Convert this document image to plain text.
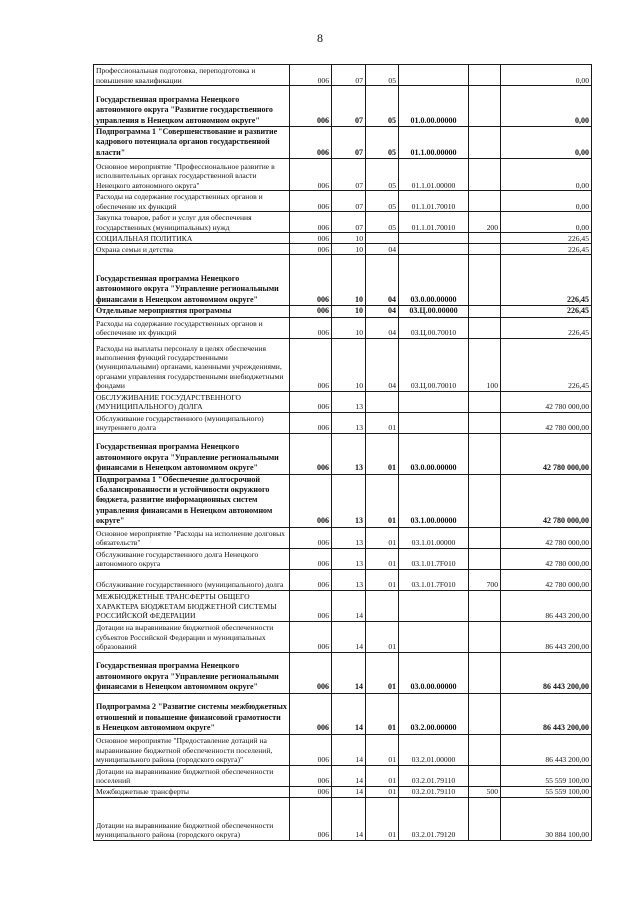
8
Профессиональная подготовка, переподготовка и повышение квалификации	006	07	05			0,00
Государственная программа Ненецкого автономного округа "Развитие государственного управления в Ненецком автономном округе"	006	07	05	01.0.00.00000		0,00
Подпрограмма 1 "Совершенствование и развитие кадрового потенциала органов государственной власти"	006	07	05	01.1.00.00000		0,00
Основное мероприятие "Профессиональное развитие в исполнительных органах государственной власти Ненецкого автономного округа"	006	07	05	01.1.01.00000		0,00
Расходы на содержание государственных органов и обеспечение их функций	006	07	05	01.1.01.70010		0,00
Закупка товаров, работ и услуг для обеспечения государственных (муниципальных) нужд	006	07	05	01.1.01.70010	200	0,00
СОЦИАЛЬНАЯ ПОЛИТИКА	006	10				226,45
Охрана семьи и детства	006	10	04			226,45
Государственная программа Ненецкого автономного округа "Управление региональными финансами в Ненецком автономном округе"	006	10	04	03.0.00.00000		226,45
Отдельные мероприятия программы	006	10	04	03.Ц.00.00000		226,45
Расходы на содержание государственных органов и обеспечение их функций	006	10	04	03.Ц.00.70010		226,45
Расходы на выплаты персоналу в целях обеспечения выполнения функций государственными (муниципальными) органами, казенными учреждениями, органами управления государственными внебюджетными фондами	006	10	04	03.Ц.00.70010	100	226,45
ОБСЛУЖИВАНИЕ ГОСУДАРСТВЕННОГО (МУНИЦИПАЛЬНОГО) ДОЛГА	006	13				42 780 000,00
Обслуживание государственного (муниципального) внутреннего долга	006	13	01			42 780 000,00
Государственная программа Ненецкого автономного округа "Управление региональными финансами в Ненецком автономном округе"	006	13	01	03.0.00.00000		42 780 000,00
Подпрограмма 1 "Обеспечение долгосрочной сбалансированности и устойчивости окружного бюджета, развитие информационных систем управления финансами в Ненецком автономном округе"	006	13	01	03.1.00.00000		42 780 000,00
Основное мероприятие "Расходы на исполнение долговых обязательств"	006	13	01	03.1.01.00000		42 780 000,00
Обслуживание государственного долга Ненецкого автономного округа	006	13	01	03.1.01.7F010		42 780 000,00
Обслуживание государственного (муниципального) долга	006	13	01	03.1.01.7F010	700	42 780 000,00
МЕЖБЮДЖЕТНЫЕ ТРАНСФЕРТЫ ОБЩЕГО ХАРАКТЕРА БЮДЖЕТАМ БЮДЖЕТНОЙ СИСТЕМЫ РОССИЙСКОЙ ФЕДЕРАЦИИ	006	14				86 443 200,00
Дотации на выравнивание бюджетной обеспеченности субъектов Российской Федерации и муниципальных образований	006	14	01			86 443 200,00
Государственная программа Ненецкого автономного округа "Управление региональными финансами в Ненецком автономном округе"	006	14	01	03.0.00.00000		86 443 200,00
Подпрограмма 2 "Развитие системы межбюджетных отношений и повышение финансовой грамотности в Ненецком автономном округе"	006	14	01	03.2.00.00000		86 443 200,00
Основное мероприятие "Предоставление дотаций на выравнивание бюджетной обеспеченности поселений, муниципального района (городского округа)"	006	14	01	03.2.01.00000		86 443 200,00
Дотации на выравнивание бюджетной обеспеченности поселений	006	14	01	03.2.01.79110		55 559 100,00
Межбюджетные трансферты	006	14	01	03.2.01.79110	500	55 559 100,00
Дотации на выравнивание бюджетной обеспеченности муниципального района (городского округа)	006	14	01	03.2.01.79120		30 884 100,00
